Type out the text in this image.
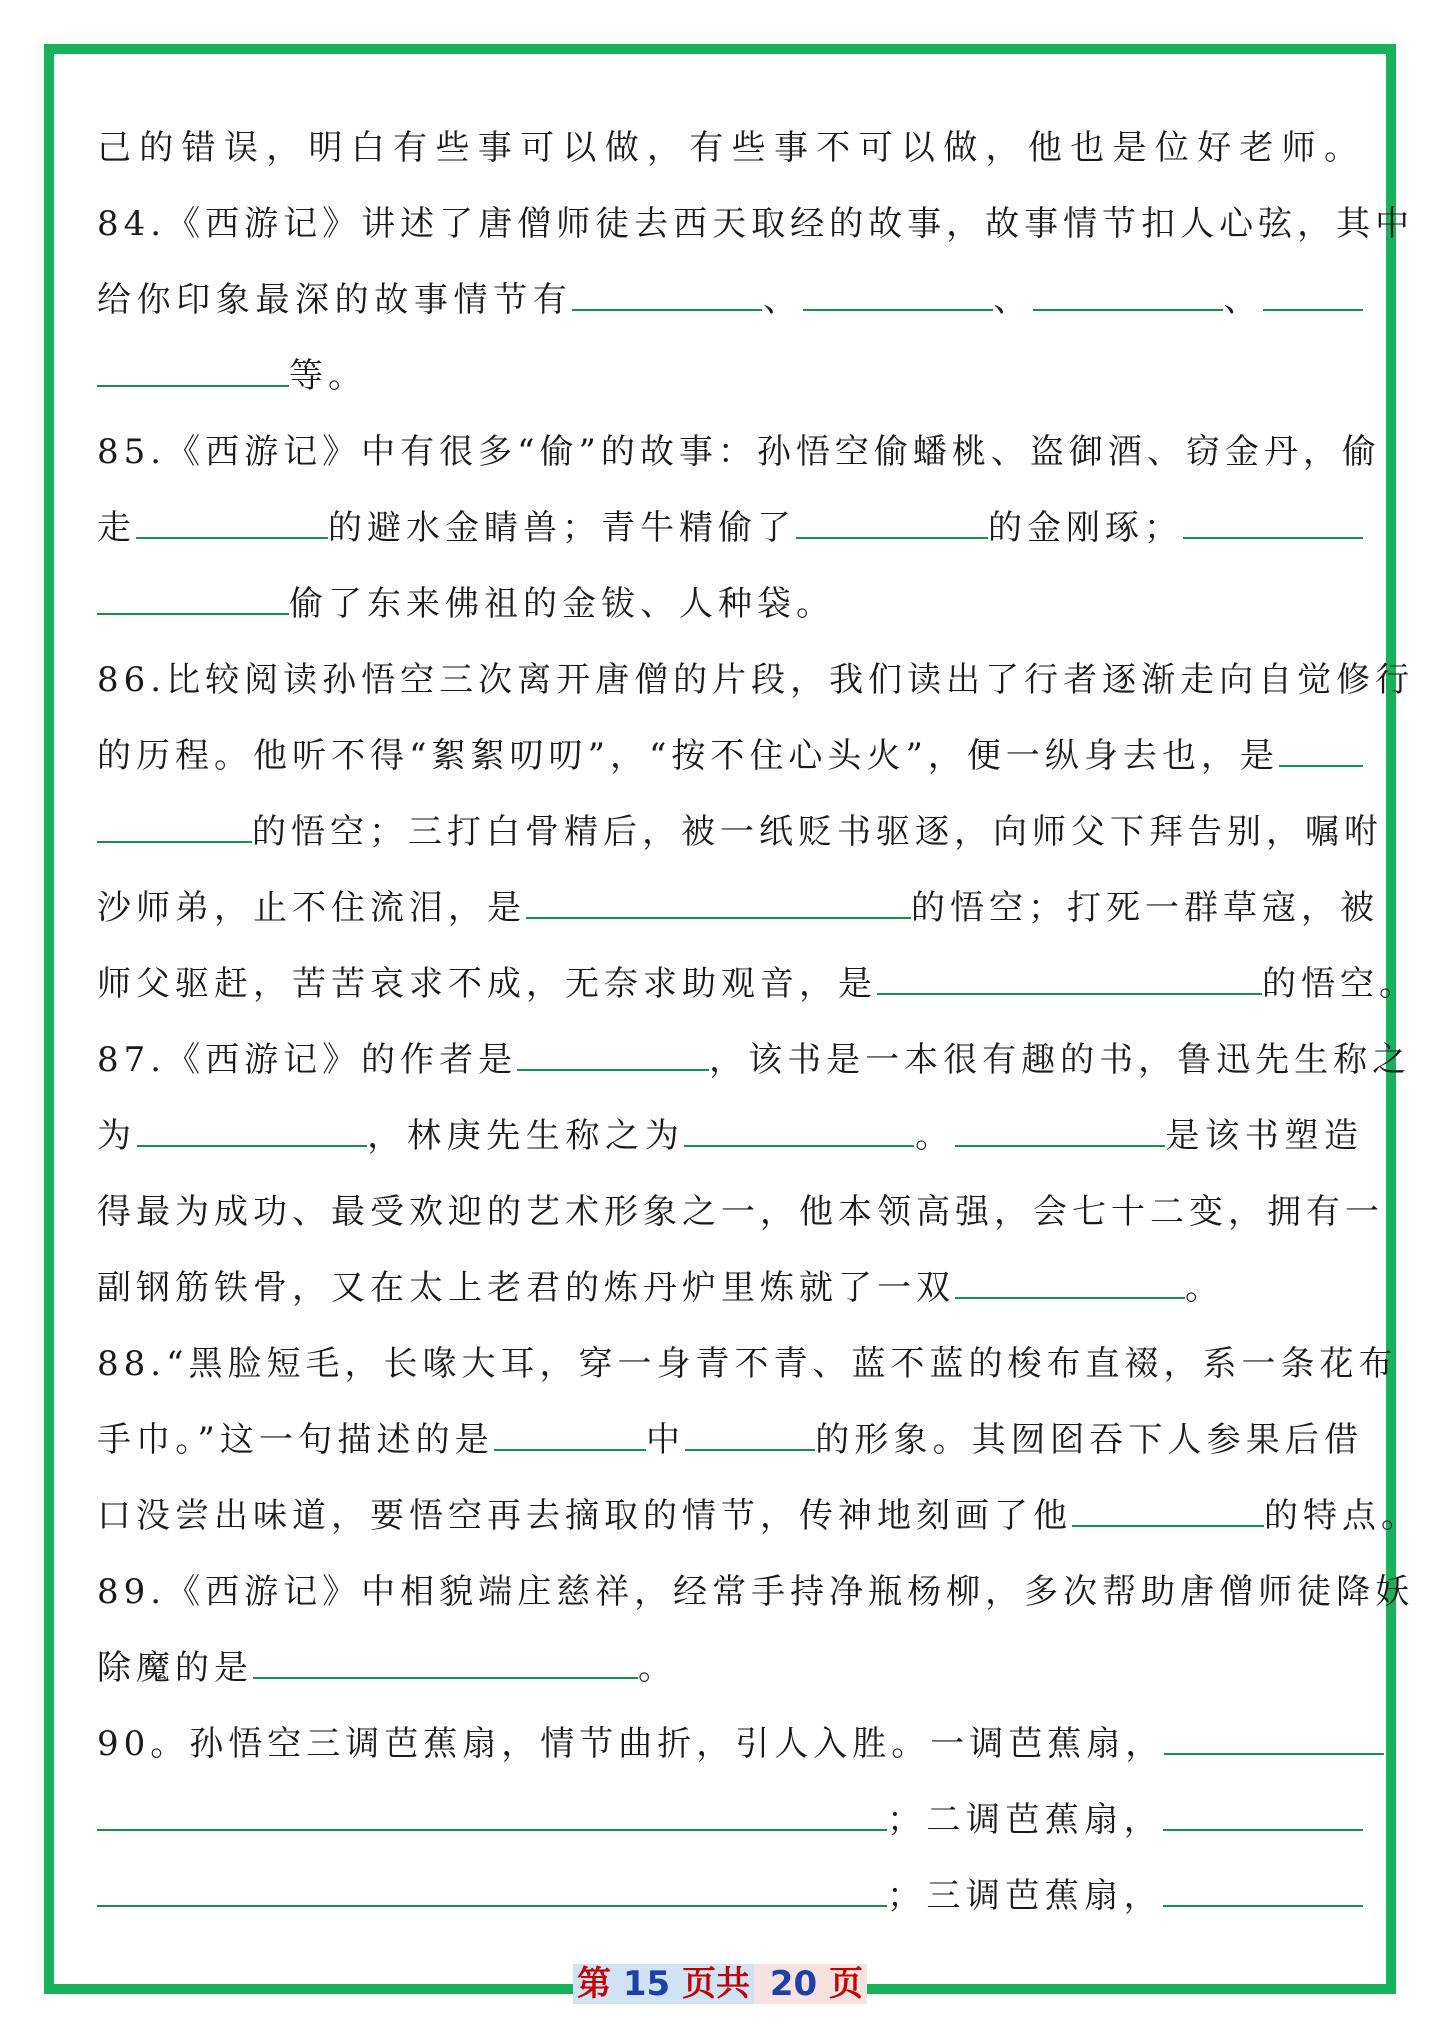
己的错误，明白有些事可以做，有些事不可以做，他也是位好老师。
84.《西游记》讲述了唐僧师徒去西天取经的故事，故事情节扣人心弦，其中
给你印象最深的故事情节有	、	、	、
等。
85.《西游记》中有很多“偷”的故事：孙悟空偷蟠桃、盗御酒、窃金丹，偷
走	的避水金睛兽；青牛精偷了	的金刚琢；
偷了东来佛祖的金钹、人种袋。
86.比较阅读孙悟空三次离开唐僧的片段，我们读出了行者逐渐走向自觉修行
的历程。他听不得“絮絮叨叨”，“按不住心头火”，便一纵身去也，是
的悟空；三打白骨精后，被一纸贬书驱逐，向师父下拜告别，嘱咐
沙师弟，止不住流泪，是	的悟空；打死一群草寇，被
师父驱赶，苦苦哀求不成，无奈求助观音，是	的悟空。
87.《西游记》的作者是	，该书是一本很有趣的书，鲁迅先生称之
为	，林庚先生称之为	。	是该书塑造
得最为成功、最受欢迎的艺术形象之一，他本领高强，会七十二变，拥有一
副钢筋铁骨，又在太上老君的炼丹炉里炼就了一双	。
88.“黑脸短毛，长喙大耳，穿一身青不青、蓝不蓝的梭布直裰，系一条花布
手巾。”这一句描述的是	中	的形象。其囫囵吞下人参果后借
口没尝出味道，要悟空再去摘取的情节，传神地刻画了他	的特点。
89.《西游记》中相貌端庄慈祥，经常手持净瓶杨柳，多次帮助唐僧师徒降妖
除魔的是	。
90。孙悟空三调芭蕉扇，情节曲折，引人入胜。一调芭蕉扇，
；二调芭蕉扇，
；三调芭蕉扇，
第 15 页共 20 页
